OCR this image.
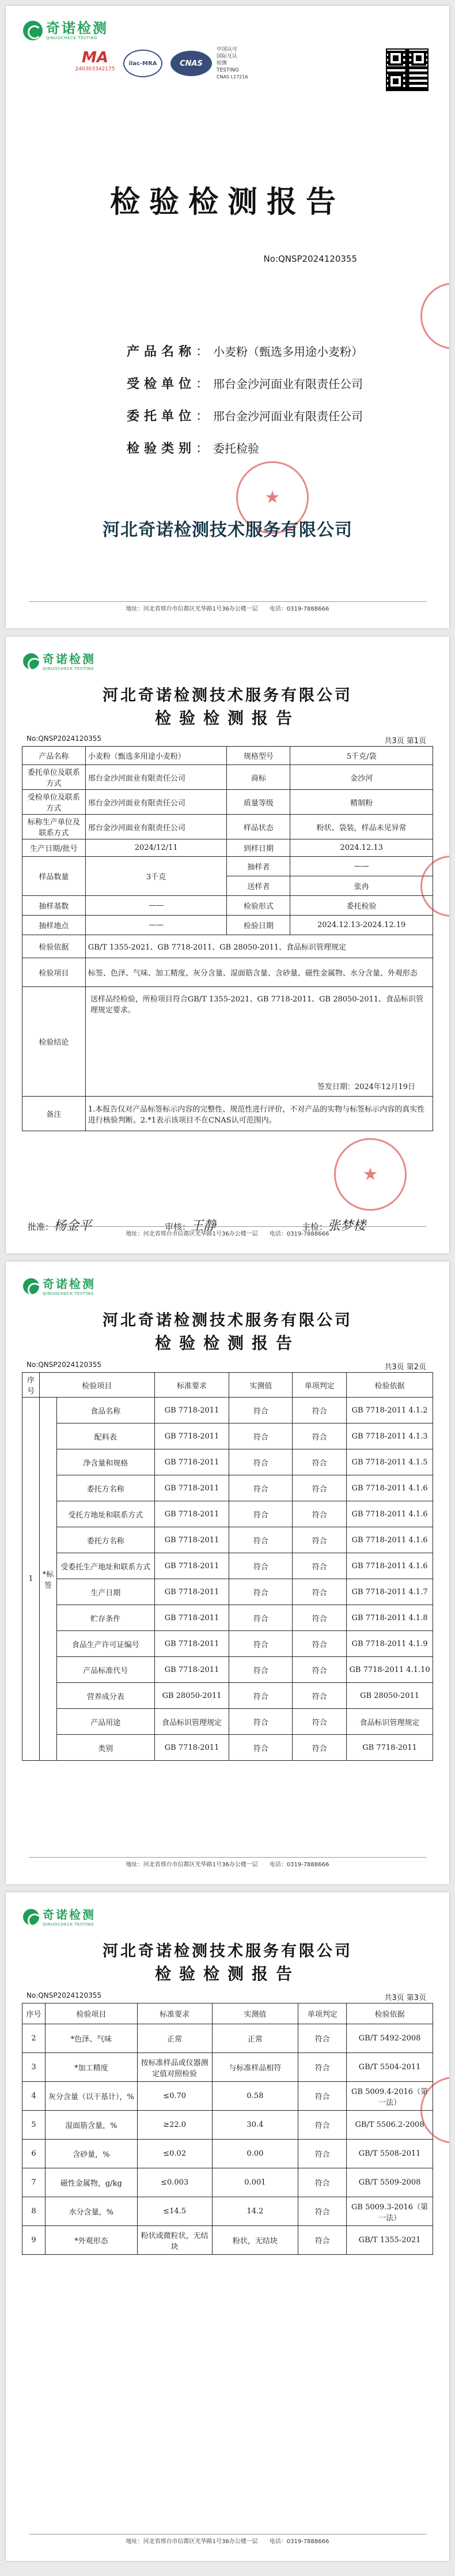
奇诺检测
QINUOCHECK TESTING
MA
240303342175
ilac-MRA	CNAS
中国认可
国际互认
检测
TESTING
CNAS L17216
检验检测报告
No:QNSP2024120355
产品名称 ： 小麦粉（甄选多用途小麦粉）
受检单位 ： 邢台金沙河面业有限责任公司
委托单位 ： 邢台金沙河面业有限责任公司
检验类别 ： 委托检验
★
河北奇诺检测技术服务有限公司
地址：河北省邢台市信都区光华路1号36办公楼一层　　电话：0319-7888666
奇诺检测
QINUOCHECK TESTING
河北奇诺检测技术服务有限公司
检验检测报告
No:QNSP2024120355	共3页 第1页
产品名称	小麦粉（甄选多用途小麦粉）	规格型号	5千克/袋
委托单位及联系方式	邢台金沙河面业有限责任公司	商标	金沙河
受检单位及联系方式	邢台金沙河面业有限责任公司	质量等级	精制粉
标称生产单位及联系方式	邢台金沙河面业有限责任公司	样品状态	粉状、袋装，样品未见异常
生产日期/批号	2024/12/11	到样日期	2024.12.13
样品数量	3千克	抽样者	——
		送样者	张冉
抽样基数	——	检验形式	委托检验
抽样地点	——	检验日期	2024.12.13-2024.12.19
检验依据	GB/T 1355-2021、GB 7718-2011、GB 28050-2011、食品标识管理规定		
检验项目	标签、色泽、气味、加工精度、灰分含量、湿面筋含量、含砂量、磁性金属物、水分含量、外观形态		
检验结论	送样品经检验，所检项目符合GB/T 1355-2021、GB 7718-2011、GB 28050-2011、食品标识管理规定要求。
签发日期：2024年12月19日		

备注	1.本报告仅对产品标签标示内容的完整性、规范性进行评价，不对产品的实物与标签标示内容的真实性进行核验判断。2.*1表示该项目不在CNAS认可范围内。		
★
批准：杨金平	审核：王静	主检：张梦楼
地址：河北省邢台市信都区光华路1号36办公楼一层　　电话：0319-7888666
奇诺检测
QINUOCHECK TESTING
河北奇诺检测技术服务有限公司
检验检测报告
No:QNSP2024120355	共3页 第2页
序号	检验项目		标准要求	实测值	单项判定	检验依据
1	*标签	食品名称	GB 7718-2011	符合	符合	GB 7718-2011 4.1.2
		配料表	GB 7718-2011	符合	符合	GB 7718-2011 4.1.3
		净含量和规格	GB 7718-2011	符合	符合	GB 7718-2011 4.1.5
		委托方名称	GB 7718-2011	符合	符合	GB 7718-2011 4.1.6
		受托方地址和联系方式	GB 7718-2011	符合	符合	GB 7718-2011 4.1.6
		委托方名称	GB 7718-2011	符合	符合	GB 7718-2011 4.1.6
		受委托生产地址和联系方式	GB 7718-2011	符合	符合	GB 7718-2011 4.1.6
		生产日期	GB 7718-2011	符合	符合	GB 7718-2011 4.1.7
		贮存条件	GB 7718-2011	符合	符合	GB 7718-2011 4.1.8
		食品生产许可证编号	GB 7718-2011	符合	符合	GB 7718-2011 4.1.9
		产品标准代号	GB 7718-2011	符合	符合	GB 7718-2011 4.1.10
		营养成分表	GB 28050-2011	符合	符合	GB 28050-2011
		产品用途	食品标识管理规定	符合	符合	食品标识管理规定
		类别	GB 7718-2011	符合	符合	GB 7718-2011
地址：河北省邢台市信都区光华路1号36办公楼一层　　电话：0319-7888666
奇诺检测
QINUOCHECK TESTING
河北奇诺检测技术服务有限公司
检验检测报告
No:QNSP2024120355	共3页 第3页
序号	检验项目	标准要求	实测值	单项判定	检验依据
2	*色泽、气味	正常	正常	符合	GB/T 5492-2008
3	*加工精度	按标准样品或仪器测定值对照检验	与标准样品相符	符合	GB/T 5504-2011
4	灰分含量（以干基计），%	≤0.70	0.58	符合	GB 5009.4-2016（第一法）
5	湿面筋含量，%	≥22.0	30.4	符合	GB/T 5506.2-2008
6	含砂量，%	≤0.02	0.00	符合	GB/T 5508-2011
7	磁性金属物，g/kg	≤0.003	0.001	符合	GB/T 5509-2008
8	水分含量，%	≤14.5	14.2	符合	GB 5009.3-2016（第一法）
9	*外观形态	粉状或微粒状，无结块	粉状，无结块	符合	GB/T 1355-2021
地址：河北省邢台市信都区光华路1号36办公楼一层　　电话：0319-7888666
